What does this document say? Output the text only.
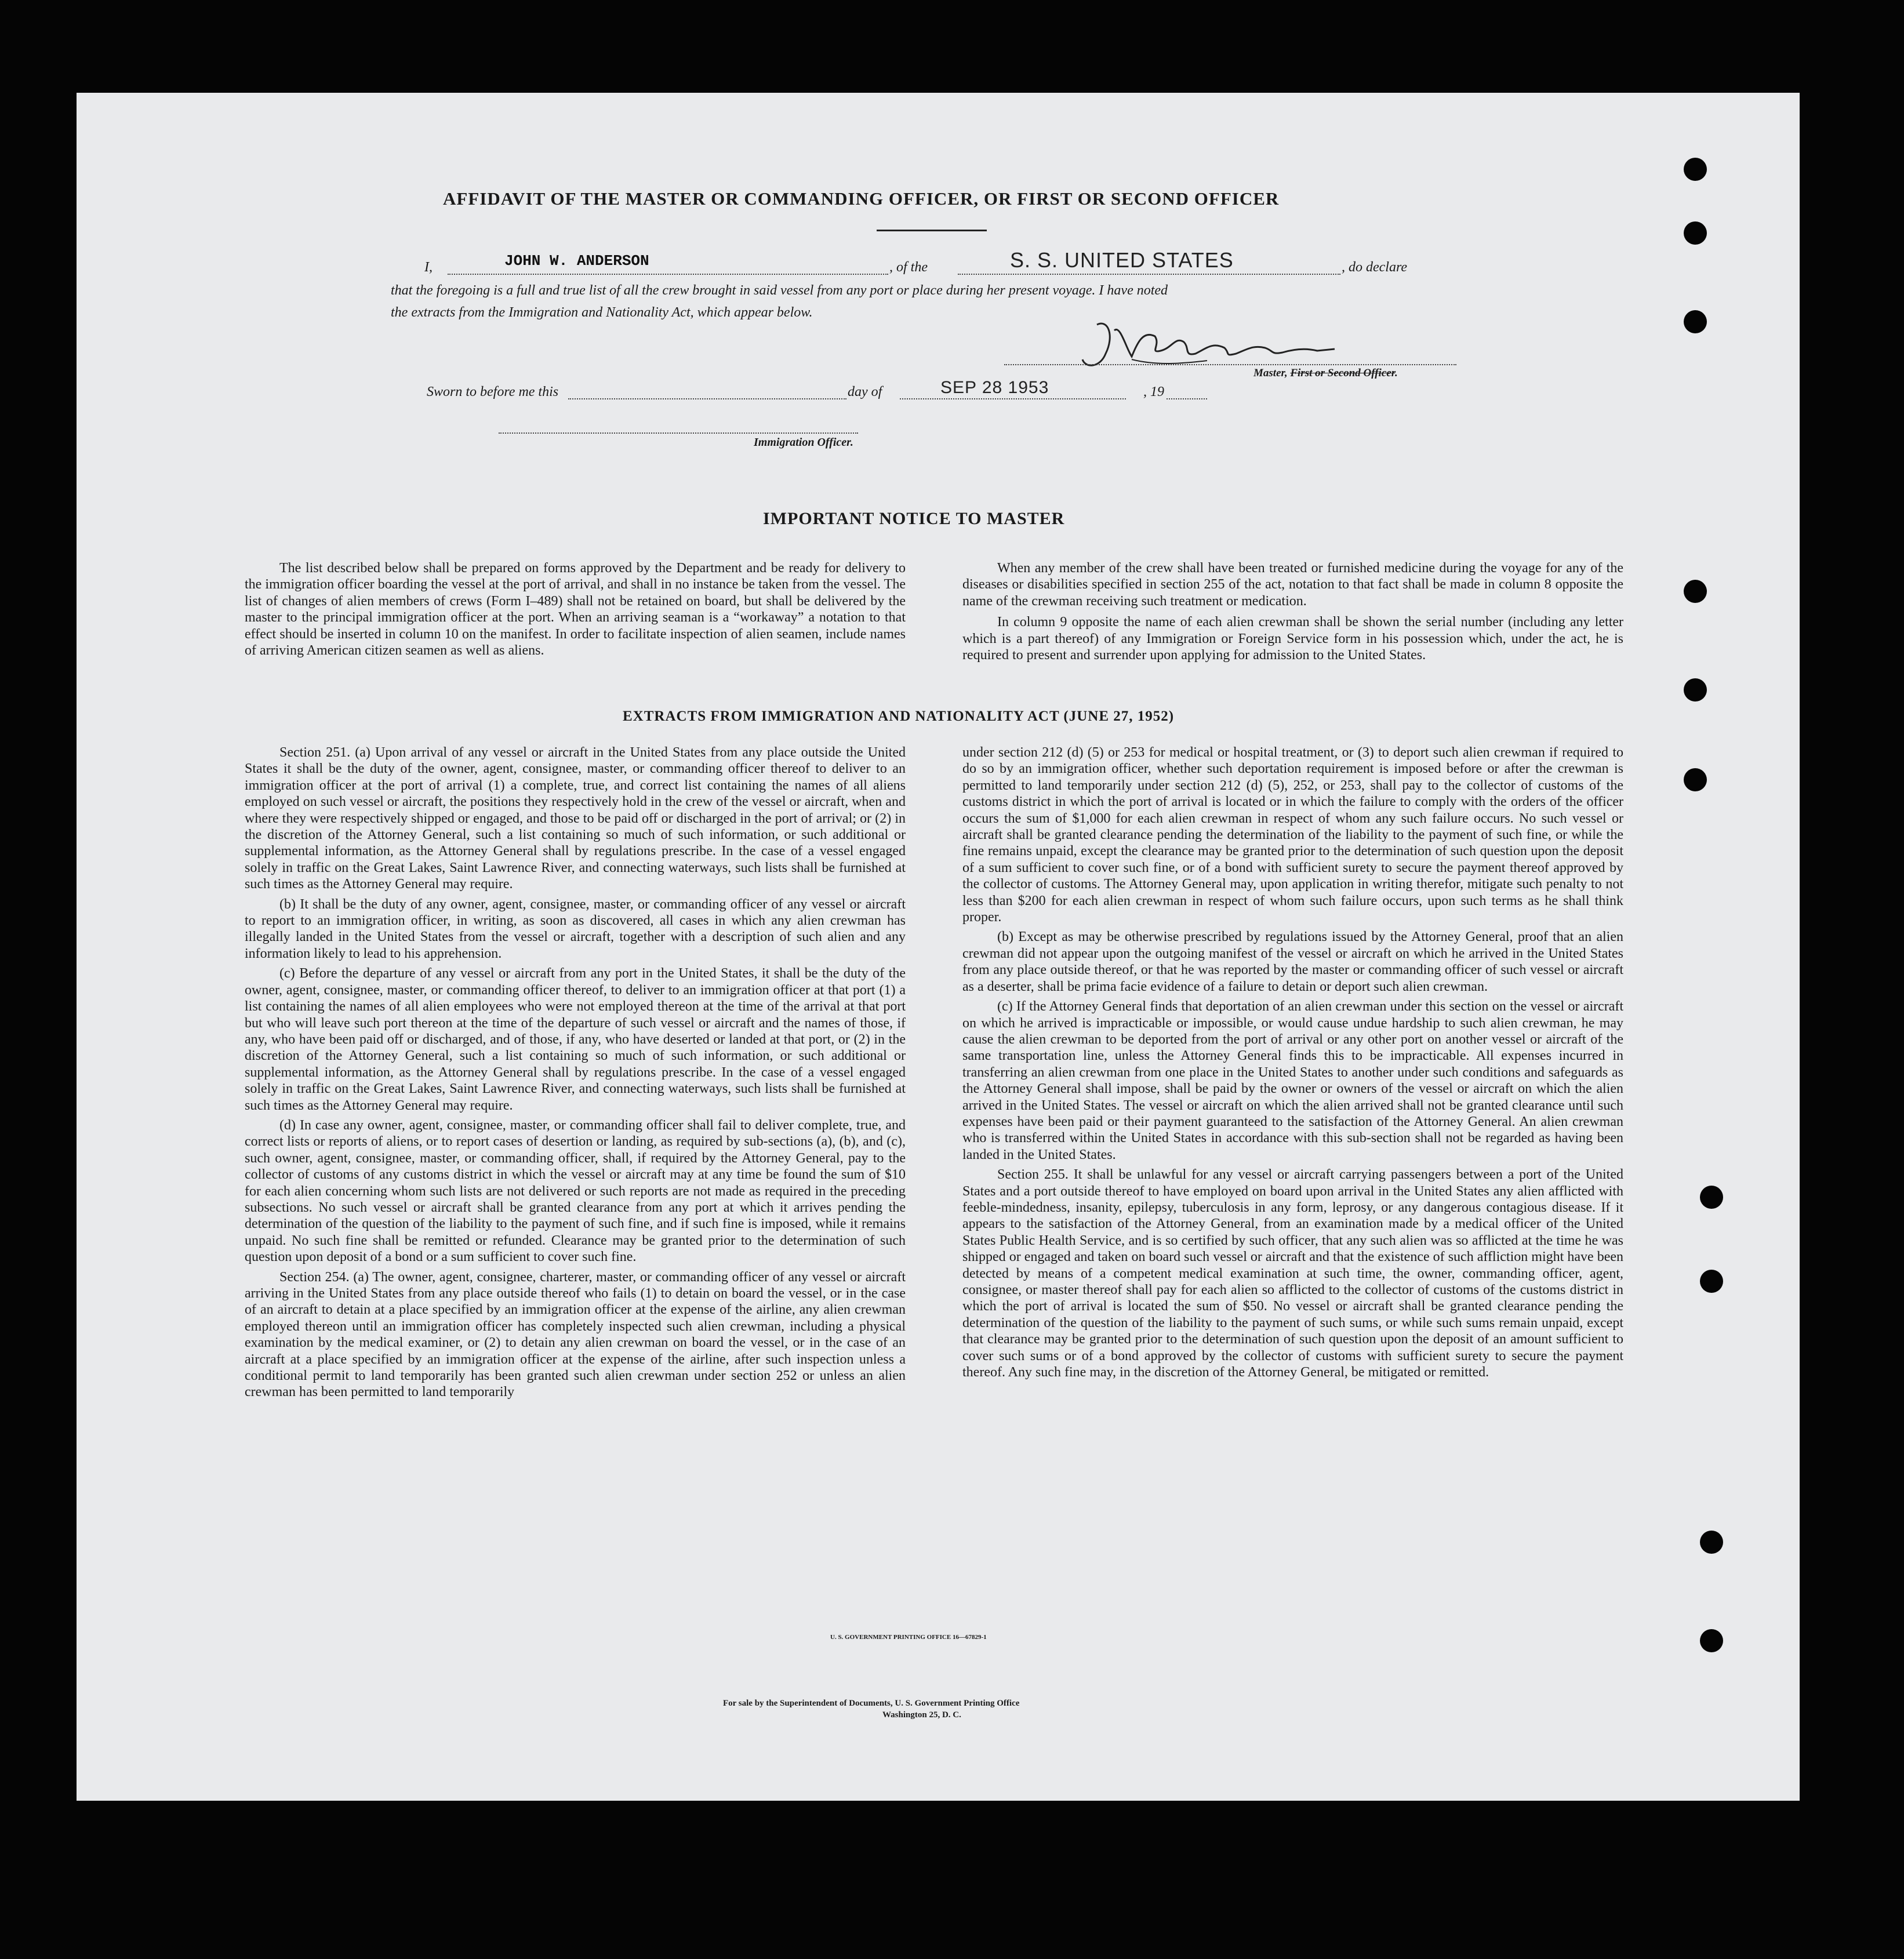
AFFIDAVIT OF THE MASTER OR COMMANDING OFFICER, OR FIRST OR SECOND OFFICER
I,	JOHN W. ANDERSON	, of the	S. S. UNITED STATES	, do declare
that the foregoing is a full and true list of all the crew brought in said vessel from any port or place during her present voyage. I have noted
the extracts from the Immigration and Nationality Act, which appear below.
Master, First or Second Officer.
Sworn to before me this	day of	SEP 28 1953	, 19
Immigration Officer.
IMPORTANT NOTICE TO MASTER

The list described below shall be prepared on forms approved by the Department and be ready for delivery to the immigration officer boarding the vessel at the port of arrival, and shall in no instance be taken from the vessel. The list of changes of alien members of crews (Form I–489) shall not be retained on board, but shall be delivered by the master to the principal immigration officer at the port. When an arriving seaman is a “workaway” a notation to that effect should be inserted in column 10 on the manifest. In order to facilitate inspection of alien seamen, include names of arriving American citizen seamen as well as aliens.

When any member of the crew shall have been treated or furnished medicine during the voyage for any of the diseases or disabilities specified in section 255 of the act, notation to that fact shall be made in column 8 opposite the name of the crewman receiving such treatment or medication.

In column 9 opposite the name of each alien crewman shall be shown the serial number (including any letter which is a part thereof) of any Immigration or Foreign Service form in his possession which, under the act, he is required to present and surrender upon applying for admission to the United States.

EXTRACTS FROM IMMIGRATION AND NATIONALITY ACT (JUNE 27, 1952)

Section 251. (a) Upon arrival of any vessel or aircraft in the United States from any place outside the United States it shall be the duty of the owner, agent, consignee, master, or commanding officer thereof to deliver to an immigration officer at the port of arrival (1) a complete, true, and correct list containing the names of all aliens employed on such vessel or aircraft, the positions they respectively hold in the crew of the vessel or aircraft, when and where they were respectively shipped or engaged, and those to be paid off or discharged in the port of arrival; or (2) in the discretion of the Attorney General, such a list containing so much of such information, or such additional or supplemental information, as the Attorney General shall by regulations prescribe. In the case of a vessel engaged solely in traffic on the Great Lakes, Saint Lawrence River, and connecting waterways, such lists shall be furnished at such times as the Attorney General may require.

(b) It shall be the duty of any owner, agent, consignee, master, or commanding officer of any vessel or aircraft to report to an immigration officer, in writing, as soon as discovered, all cases in which any alien crewman has illegally landed in the United States from the vessel or aircraft, together with a description of such alien and any information likely to lead to his apprehension.

(c) Before the departure of any vessel or aircraft from any port in the United States, it shall be the duty of the owner, agent, consignee, master, or commanding officer thereof, to deliver to an immigration officer at that port (1) a list containing the names of all alien employees who were not employed thereon at the time of the arrival at that port but who will leave such port thereon at the time of the departure of such vessel or aircraft and the names of those, if any, who have been paid off or discharged, and of those, if any, who have deserted or landed at that port, or (2) in the discretion of the Attorney General, such a list containing so much of such information, or such additional or supplemental information, as the Attorney General shall by regulations prescribe. In the case of a vessel engaged solely in traffic on the Great Lakes, Saint Lawrence River, and connecting waterways, such lists shall be furnished at such times as the Attorney General may require.

(d) In case any owner, agent, consignee, master, or commanding officer shall fail to deliver complete, true, and correct lists or reports of aliens, or to report cases of desertion or landing, as required by sub-sections (a), (b), and (c), such owner, agent, consignee, master, or commanding officer, shall, if required by the Attorney General, pay to the collector of customs of any customs district in which the vessel or aircraft may at any time be found the sum of $10 for each alien concerning whom such lists are not delivered or such reports are not made as required in the preceding subsections. No such vessel or aircraft shall be granted clearance from any port at which it arrives pending the determination of the question of the liability to the payment of such fine, and if such fine is imposed, while it remains unpaid. No such fine shall be remitted or refunded. Clearance may be granted prior to the determination of such question upon deposit of a bond or a sum sufficient to cover such fine.

Section 254. (a) The owner, agent, consignee, charterer, master, or commanding officer of any vessel or aircraft arriving in the United States from any place outside thereof who fails (1) to detain on board the vessel, or in the case of an aircraft to detain at a place specified by an immigration officer at the expense of the airline, any alien crewman employed thereon until an immigration officer has completely inspected such alien crewman, including a physical examination by the medical examiner, or (2) to detain any alien crewman on board the vessel, or in the case of an aircraft at a place specified by an immigration officer at the expense of the airline, after such inspection unless a conditional permit to land temporarily has been granted such alien crewman under section 252 or unless an alien crewman has been permitted to land temporarily

under section 212 (d) (5) or 253 for medical or hospital treatment, or (3) to deport such alien crewman if required to do so by an immigration officer, whether such deportation requirement is imposed before or after the crewman is permitted to land temporarily under section 212 (d) (5), 252, or 253, shall pay to the collector of customs of the customs district in which the port of arrival is located or in which the failure to comply with the orders of the officer occurs the sum of $1,000 for each alien crewman in respect of whom any such failure occurs. No such vessel or aircraft shall be granted clearance pending the determination of the liability to the payment of such fine, or while the fine remains unpaid, except the clearance may be granted prior to the determination of such question upon the deposit of a sum sufficient to cover such fine, or of a bond with sufficient surety to secure the payment thereof approved by the collector of customs. The Attorney General may, upon application in writing therefor, mitigate such penalty to not less than $200 for each alien crewman in respect of whom such failure occurs, upon such terms as he shall think proper.

(b) Except as may be otherwise prescribed by regulations issued by the Attorney General, proof that an alien crewman did not appear upon the outgoing manifest of the vessel or aircraft on which he arrived in the United States from any place outside thereof, or that he was reported by the master or commanding officer of such vessel or aircraft as a deserter, shall be prima facie evidence of a failure to detain or deport such alien crewman.

(c) If the Attorney General finds that deportation of an alien crewman under this section on the vessel or aircraft on which he arrived is impracticable or impossible, or would cause undue hardship to such alien crewman, he may cause the alien crewman to be deported from the port of arrival or any other port on another vessel or aircraft of the same transportation line, unless the Attorney General finds this to be impracticable. All expenses incurred in transferring an alien crewman from one place in the United States to another under such conditions and safeguards as the Attorney General shall impose, shall be paid by the owner or owners of the vessel or aircraft on which the alien arrived in the United States. The vessel or aircraft on which the alien arrived shall not be granted clearance until such expenses have been paid or their payment guaranteed to the satisfaction of the Attorney General. An alien crewman who is transferred within the United States in accordance with this sub-section shall not be regarded as having been landed in the United States.

Section 255. It shall be unlawful for any vessel or aircraft carrying passengers between a port of the United States and a port outside thereof to have employed on board upon arrival in the United States any alien afflicted with feeble-mindedness, insanity, epilepsy, tuberculosis in any form, leprosy, or any dangerous contagious disease. If it appears to the satisfaction of the Attorney General, from an examination made by a medical officer of the United States Public Health Service, and is so certified by such officer, that any such alien was so afflicted at the time he was shipped or engaged and taken on board such vessel or aircraft and that the existence of such affliction might have been detected by means of a competent medical examination at such time, the owner, commanding officer, agent, consignee, or master thereof shall pay for each alien so afflicted to the collector of customs of the customs district in which the port of arrival is located the sum of $50. No vessel or aircraft shall be granted clearance pending the determination of the question of the liability to the payment of such sums, or while such sums remain unpaid, except that clearance may be granted prior to the determination of such question upon the deposit of an amount sufficient to cover such sums or of a bond approved by the collector of customs with sufficient surety to secure the payment thereof. Any such fine may, in the discretion of the Attorney General, be mitigated or remitted.

U. S. GOVERNMENT PRINTING OFFICE 16—67829-1
For sale by the Superintendent of Documents, U. S. Government Printing Office
Washington 25, D. C.
